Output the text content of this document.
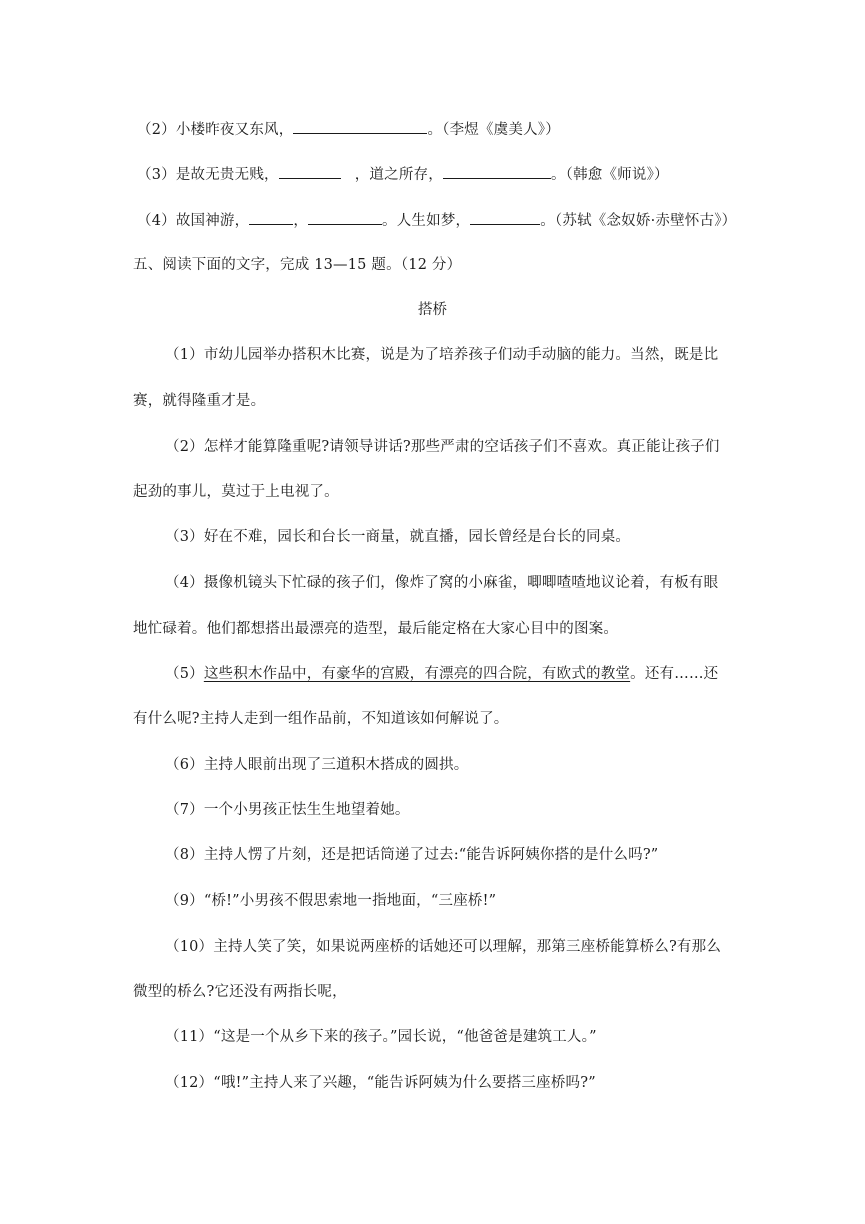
（2）小楼昨夜又东风，	。（李煜《虞美人》）
（3）是故无贵无贱，	，道之所存，	。（韩愈《师说》）
（4）故国神游，	，	。人生如梦，	。（苏轼《念奴娇·赤壁怀古》）
五、阅读下面的文字，完成 13—15 题。（12 分）
搭桥
（1）市幼儿园举办搭积木比赛，说是为了培养孩子们动手动脑的能力。当然，既是比
赛，就得隆重才是。
（2）怎样才能算隆重呢?请领导讲话?那些严肃的空话孩子们不喜欢。真正能让孩子们
起劲的事儿，莫过于上电视了。
（3）好在不难，园长和台长一商量，就直播，园长曾经是台长的同桌。
（4）摄像机镜头下忙碌的孩子们，像炸了窝的小麻雀，唧唧喳喳地议论着，有板有眼
地忙碌着。他们都想搭出最漂亮的造型，最后能定格在大家心目中的图案。
（5）这些积木作品中，有豪华的宫殿，有漂亮的四合院，有欧式的教堂。还有……还
有什么呢?主持人走到一组作品前，不知道该如何解说了。
（6）主持人眼前出现了三道积木搭成的圆拱。
（7）一个小男孩正怯生生地望着她。
（8）主持人愣了片刻，还是把话筒递了过去:“能告诉阿姨你搭的是什么吗?”
（9）“桥!”小男孩不假思索地一指地面，“三座桥!”
（10）主持人笑了笑，如果说两座桥的话她还可以理解，那第三座桥能算桥么?有那么
微型的桥么?它还没有两指长呢，
（11）“这是一个从乡下来的孩子。”园长说，“他爸爸是建筑工人。”
（12）“哦!”主持人来了兴趣，“能告诉阿姨为什么要搭三座桥吗?”
